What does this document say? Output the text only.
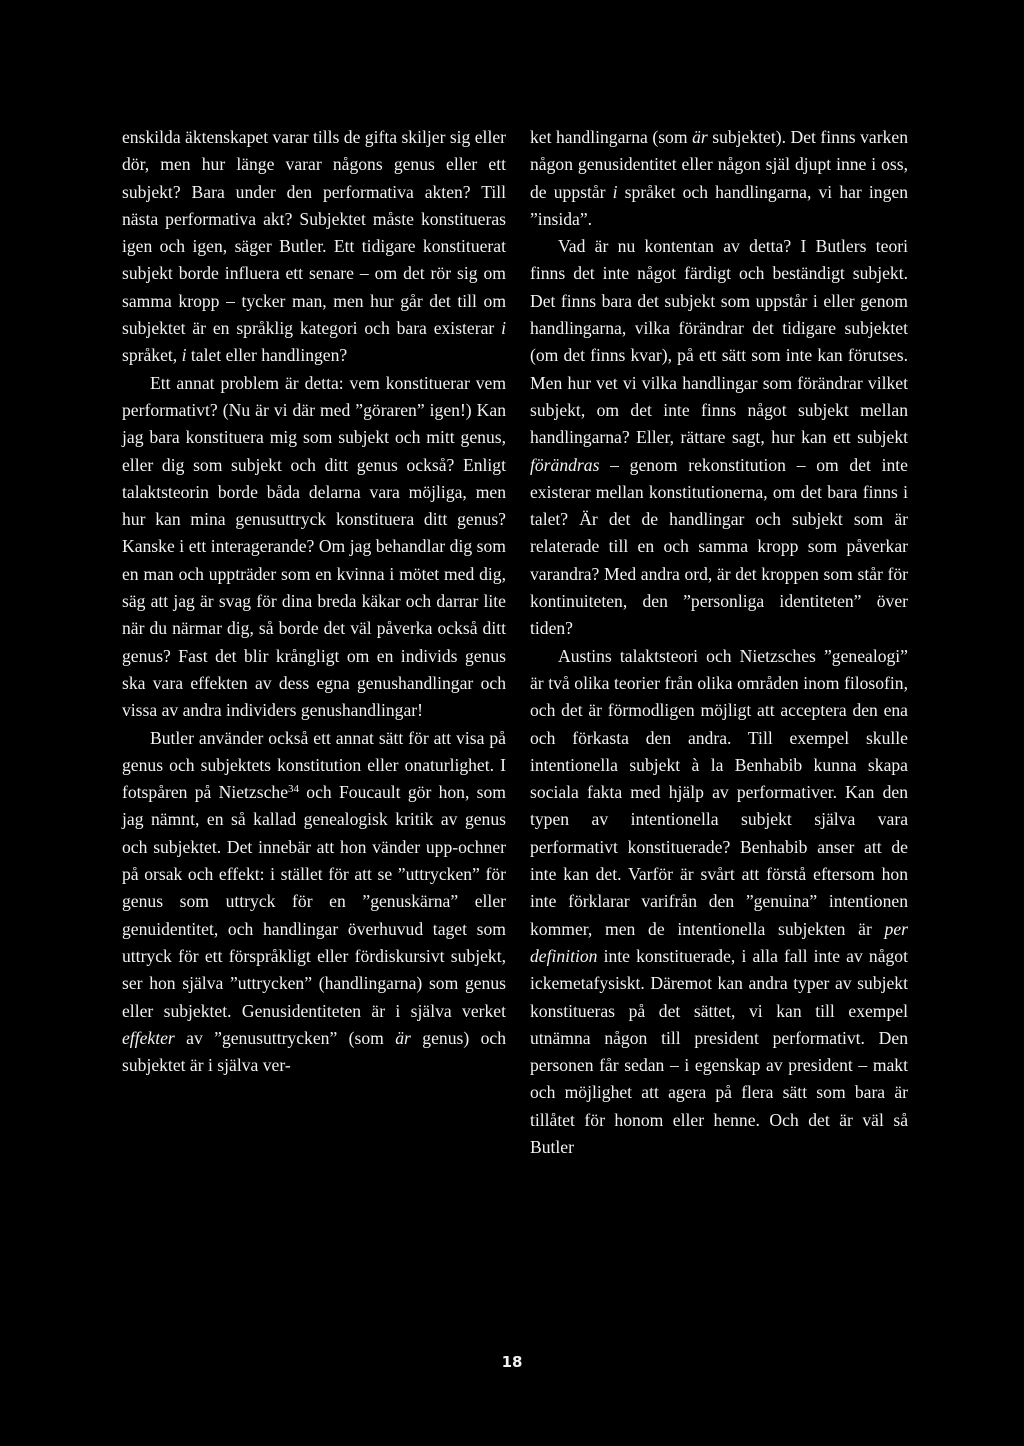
enskilda äktenskapet varar tills de gifta skiljer sig eller dör, men hur länge varar någons genus eller ett subjekt? Bara under den performativa akten? Till nästa performativa akt? Subjektet måste konstitueras igen och igen, säger Butler. Ett tidigare konstituerat subjekt borde influera ett senare – om det rör sig om samma kropp – tycker man, men hur går det till om subjektet är en språklig kategori och bara existerar i språket, i talet eller handlingen?

Ett annat problem är detta: vem konstituerar vem performativt? (Nu är vi där med ”göraren” igen!) Kan jag bara konstituera mig som subjekt och mitt genus, eller dig som subjekt och ditt genus också? Enligt talaktsteorin borde båda delarna vara möjliga, men hur kan mina genusuttryck konstituera ditt genus? Kanske i ett interagerande? Om jag behandlar dig som en man och uppträder som en kvinna i mötet med dig, säg att jag är svag för dina breda käkar och darrar lite när du närmar dig, så borde det väl påverka också ditt genus? Fast det blir krångligt om en individs genus ska vara effekten av dess egna genushandlingar och vissa av andra individers genushandlingar!

Butler använder också ett annat sätt för att visa på genus och subjektets konstitution eller onaturlighet. I fotspåren på Nietzsche$^{34}$ och Foucault gör hon, som jag nämnt, en så kallad genealogisk kritik av genus och subjektet. Det innebär att hon vänder upp-ochner på orsak och effekt: i stället för att se ”uttrycken” för genus som uttryck för en ”genuskärna” eller genuidentitet, och handlingar överhuvud taget som uttryck för ett förspråkligt eller fördiskursivt subjekt, ser hon själva ”uttrycken” (handlingarna) som genus eller subjektet. Genusidentiteten är i själva verket effekter av ”genusuttrycken” (som är genus) och subjektet är i själva ver-

ket handlingarna (som är subjektet). Det finns varken någon genusidentitet eller någon själ djupt inne i oss, de uppstår i språket och handlingarna, vi har ingen ”insida”.

Vad är nu kontentan av detta? I Butlers teori finns det inte något färdigt och beständigt subjekt. Det finns bara det subjekt som uppstår i eller genom handlingarna, vilka förändrar det tidigare subjektet (om det finns kvar), på ett sätt som inte kan förutses. Men hur vet vi vilka handlingar som förändrar vilket subjekt, om det inte finns något subjekt mellan handlingarna? Eller, rättare sagt, hur kan ett subjekt förändras – genom rekonstitution – om det inte existerar mellan konstitutionerna, om det bara finns i talet? Är det de handlingar och subjekt som är relaterade till en och samma kropp som påverkar varandra? Med andra ord, är det kroppen som står för kontinuiteten, den ”personliga identiteten” över tiden?

Austins talaktsteori och Nietzsches ”genealogi” är två olika teorier från olika områden inom filosofin, och det är förmodligen möjligt att acceptera den ena och förkasta den andra. Till exempel skulle intentionella subjekt à la Benhabib kunna skapa sociala fakta med hjälp av performativer. Kan den typen av intentionella subjekt själva vara performativt konstituerade? Benhabib anser att de inte kan det. Varför är svårt att förstå eftersom hon inte förklarar varifrån den ”genuina” intentionen kommer, men de intentionella subjekten är per definition inte konstituerade, i alla fall inte av något ickemetafysiskt. Däremot kan andra typer av subjekt konstitueras på det sättet, vi kan till exempel utnämna någon till president performativt. Den personen får sedan – i egenskap av president – makt och möjlighet att agera på flera sätt som bara är tillåtet för honom eller henne. Och det är väl så Butler

18
